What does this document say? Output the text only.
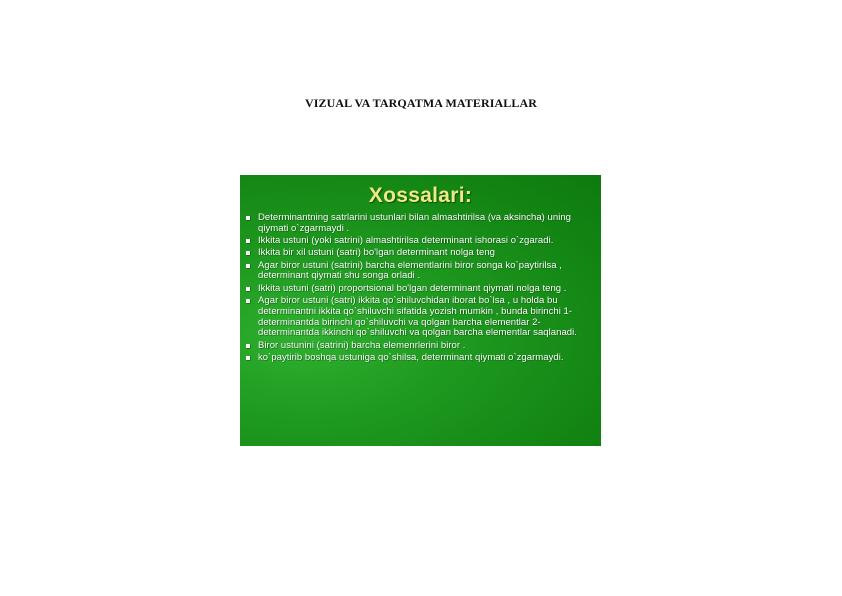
VIZUAL VA TARQATMA MATERIALLAR
Xossalari:
Determinantning satrlarini ustunlari bilan almashtirilsa (va aksincha) uning qiymati o`zgarmaydi .
Ikkita ustuni (yoki satrini) almashtirilsa determinant ishorasi o`zgaradi.
Ikkita bir xil ustuni (satri) bo'lgan determinant nolga teng
Agar biror ustuni (satrini) barcha elementlarini biror songa ko`paytirilsa , determinant qiymati shu songa orladi .
Ikkita ustuni (satri) proportsional bo'lgan determinant qiymati nolga teng .
Agar biror ustuni (satri) ikkita qo`shiluvchidan iborat bo`lsa , u holda bu determinantni ikkita qo`shiluvchi sifatida yozish mumkin , bunda birinchi 1- determinantda birinchi qo`shiluvchi va qolgan barcha elementlar 2- determinantda ikkinchi qo`shiluvchi va qolgan barcha elementlar saqlanadi.
Biror ustunini (satrini) barcha elemenrlerini biror .
ko`paytirib boshqa ustuniga qo`shilsa, determinant qiymati o`zgarmaydi.
